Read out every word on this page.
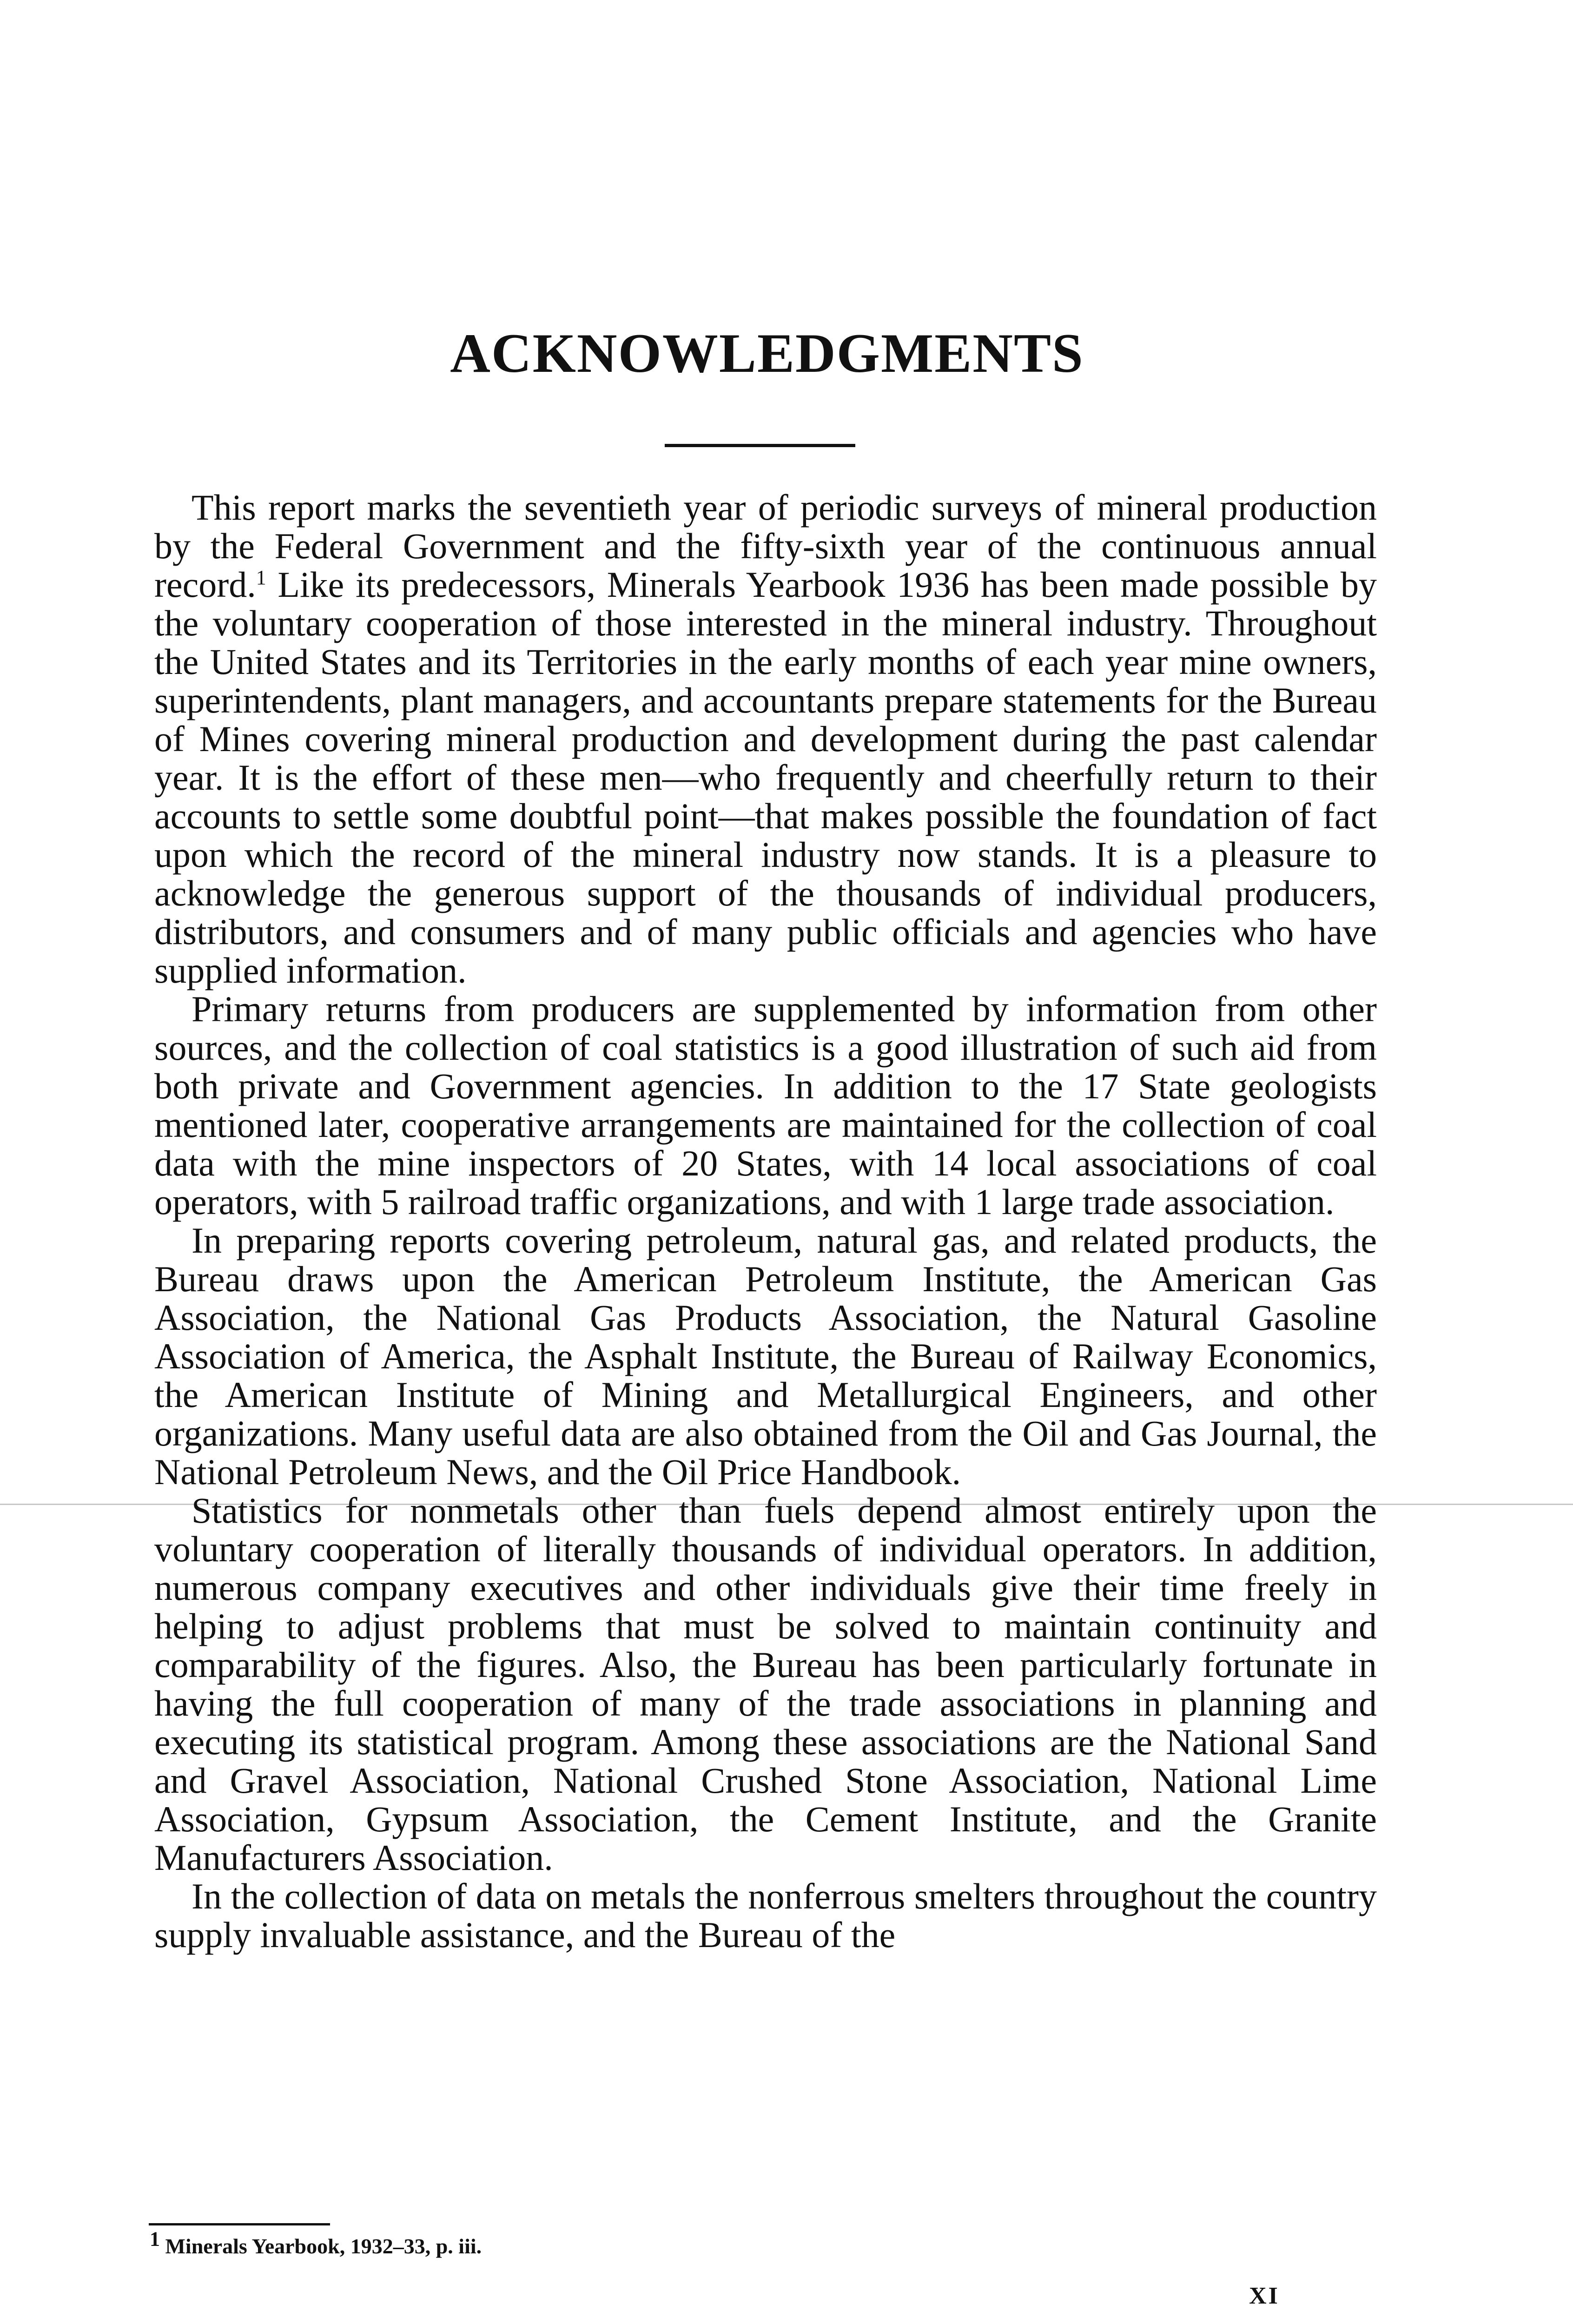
ACKNOWLEDGMENTS

This report marks the seventieth year of periodic surveys of mineral production by the Federal Government and the fifty-sixth year of the continuous annual record.$^1$ Like its predecessors, Minerals Yearbook 1936 has been made possible by the voluntary cooperation of those interested in the mineral industry. Throughout the United States and its Territories in the early months of each year mine owners, superintendents, plant managers, and accountants prepare statements for the Bureau of Mines covering mineral production and development during the past calendar year. It is the effort of these men—who frequently and cheerfully return to their accounts to settle some doubtful point—that makes possible the foundation of fact upon which the record of the mineral industry now stands. It is a pleasure to acknowledge the generous support of the thousands of individual producers, distributors, and consumers and of many public officials and agencies who have supplied information.

Primary returns from producers are supplemented by information from other sources, and the collection of coal statistics is a good illustration of such aid from both private and Government agencies. In addition to the 17 State geologists mentioned later, cooperative arrangements are maintained for the collection of coal data with the mine inspectors of 20 States, with 14 local associations of coal operators, with 5 railroad traffic organizations, and with 1 large trade association.

In preparing reports covering petroleum, natural gas, and related products, the Bureau draws upon the American Petroleum Institute, the American Gas Association, the National Gas Products Association, the Natural Gasoline Association of America, the Asphalt Institute, the Bureau of Railway Economics, the American Institute of Mining and Metallurgical Engineers, and other organizations. Many useful data are also obtained from the Oil and Gas Journal, the National Petroleum News, and the Oil Price Handbook.

Statistics for nonmetals other than fuels depend almost entirely upon the voluntary cooperation of literally thousands of individual operators. In addition, numerous company executives and other individuals give their time freely in helping to adjust problems that must be solved to maintain continuity and comparability of the figures. Also, the Bureau has been particularly fortunate in having the full cooperation of many of the trade associations in planning and executing its statistical program. Among these associations are the National Sand and Gravel Association, National Crushed Stone Association, National Lime Association, Gypsum Association, the Cement Institute, and the Granite Manufacturers Association.

In the collection of data on metals the nonferrous smelters throughout the country supply invaluable assistance, and the Bureau of the

$^1$ Minerals Yearbook, 1932–33, p. iii.
XI
